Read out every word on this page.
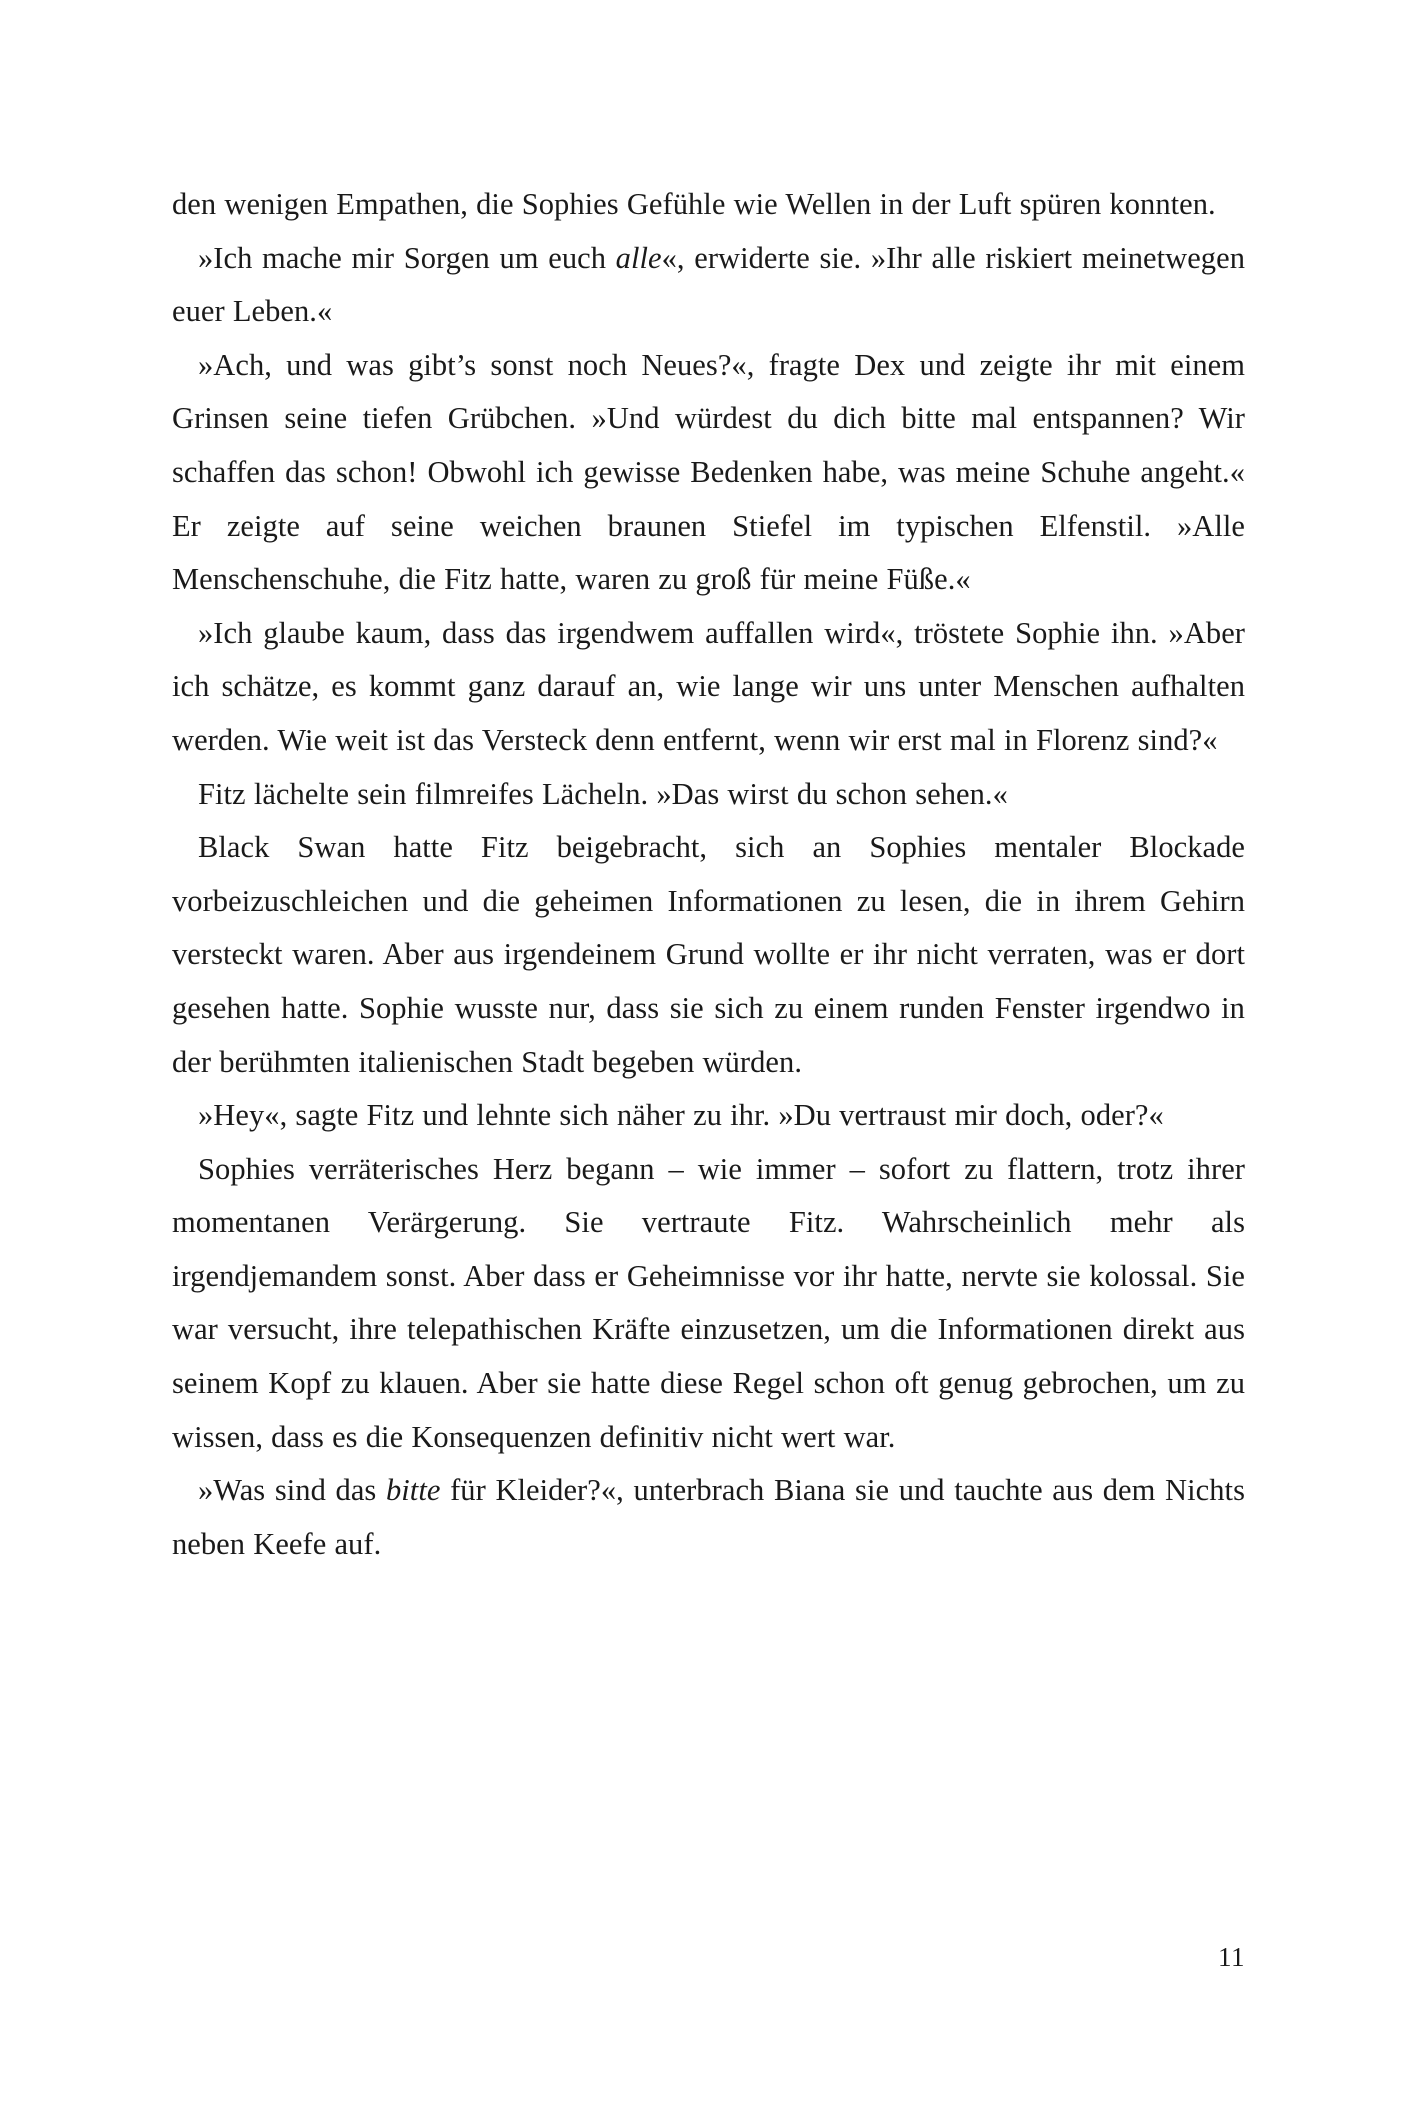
den wenigen Empathen, die Sophies Gefühle wie Wellen in der Luft spüren konnten.

»Ich mache mir Sorgen um euch alle«, erwiderte sie. »Ihr alle riskiert meinetwegen euer Leben.«

»Ach, und was gibt’s sonst noch Neues?«, fragte Dex und zeigte ihr mit einem Grinsen seine tiefen Grübchen. »Und würdest du dich bitte mal entspannen? Wir schaffen das schon! Obwohl ich gewisse Bedenken habe, was meine Schuhe angeht.« Er zeigte auf seine weichen braunen Stiefel im typischen Elfenstil. »Alle Menschenschuhe, die Fitz hatte, waren zu groß für meine Füße.«

»Ich glaube kaum, dass das irgendwem auffallen wird«, tröstete Sophie ihn. »Aber ich schätze, es kommt ganz darauf an, wie lange wir uns unter Menschen aufhalten werden. Wie weit ist das Versteck denn entfernt, wenn wir erst mal in Florenz sind?«

Fitz lächelte sein filmreifes Lächeln. »Das wirst du schon sehen.«

Black Swan hatte Fitz beigebracht, sich an Sophies mentaler Blockade vorbeizuschleichen und die geheimen Informationen zu lesen, die in ihrem Gehirn versteckt waren. Aber aus irgendeinem Grund wollte er ihr nicht verraten, was er dort gesehen hatte. Sophie wusste nur, dass sie sich zu einem runden Fenster irgendwo in der berühmten italienischen Stadt begeben würden.

»Hey«, sagte Fitz und lehnte sich näher zu ihr. »Du vertraust mir doch, oder?«

Sophies verräterisches Herz begann – wie immer – sofort zu flattern, trotz ihrer momentanen Verärgerung. Sie vertraute Fitz. Wahrscheinlich mehr als irgendjemandem sonst. Aber dass er Geheimnisse vor ihr hatte, nervte sie kolossal. Sie war versucht, ihre telepathischen Kräfte einzusetzen, um die Informationen direkt aus seinem Kopf zu klauen. Aber sie hatte diese Regel schon oft genug gebrochen, um zu wissen, dass es die Konsequenzen definitiv nicht wert war.

»Was sind das bitte für Kleider?«, unterbrach Biana sie und tauchte aus dem Nichts neben Keefe auf.

11
